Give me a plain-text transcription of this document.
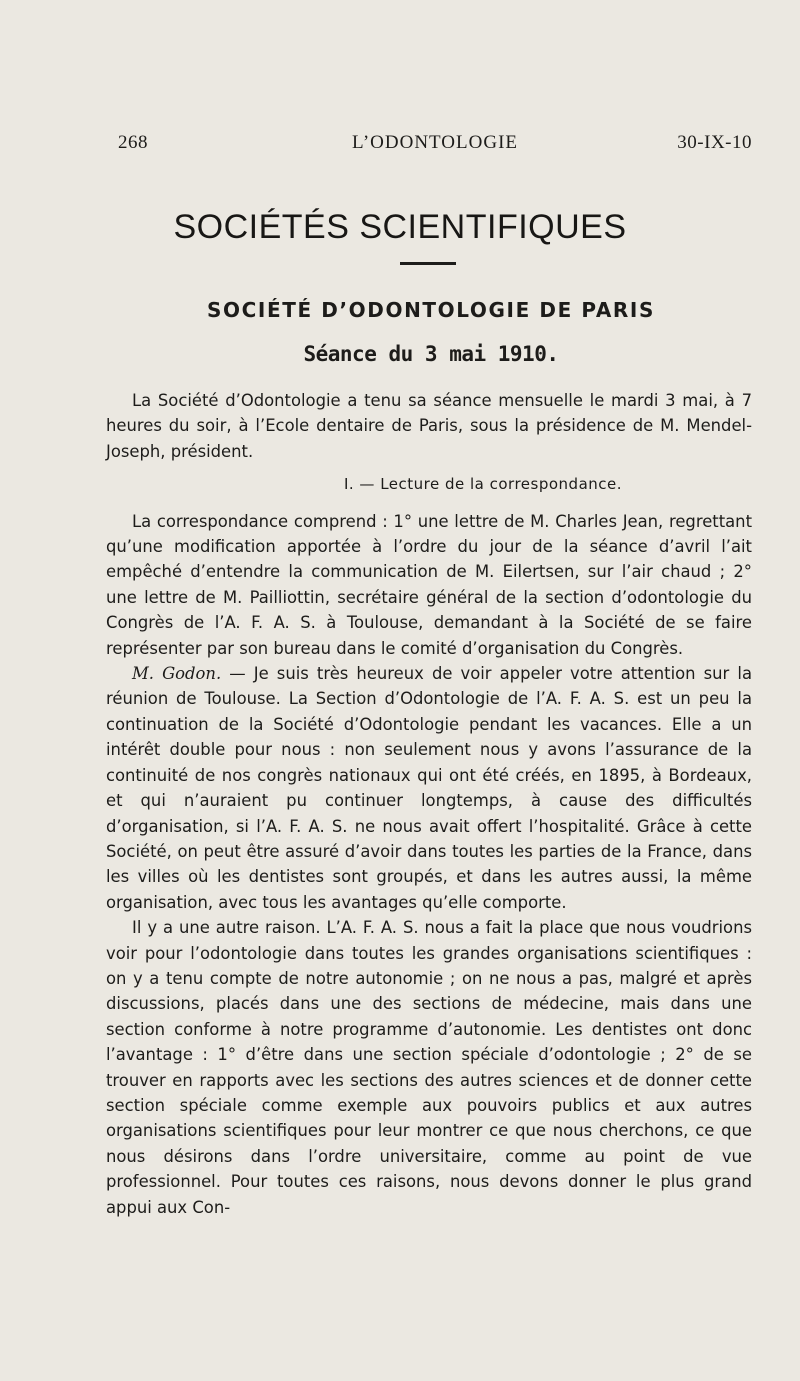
268	L’ODONTOLOGIE	30-IX-10
SOCIÉTÉS SCIENTIFIQUES
SOCIÉTÉ D’ODONTOLOGIE DE PARIS
Séance du 3 mai 1910.

La Société d’Odontologie a tenu sa séance mensuelle le mardi 3 mai, à 7 heures du soir, à l’Ecole dentaire de Paris, sous la présidence de M. Mendel-Joseph, président.

I. — Lecture de la correspondance.

La correspondance comprend : 1° une lettre de M. Charles Jean, regrettant qu’une modification apportée à l’ordre du jour de la séance d’avril l’ait empêché d’entendre la communication de M. Eilertsen, sur l’air chaud ; 2° une lettre de M. Pailliottin, secrétaire général de la section d’odontologie du Congrès de l’A. F. A. S. à Toulouse, demandant à la Société de se faire représenter par son bureau dans le comité d’organisation du Congrès.

M. Godon. — Je suis très heureux de voir appeler votre attention sur la réunion de Toulouse. La Section d’Odontologie de l’A. F. A. S. est un peu la continuation de la Société d’Odontologie pendant les vacances. Elle a un intérêt double pour nous : non seulement nous y avons l’assurance de la continuité de nos congrès nationaux qui ont été créés, en 1895, à Bordeaux, et qui n’auraient pu continuer longtemps, à cause des difficultés d’organisation, si l’A. F. A. S. ne nous avait offert l’hospitalité. Grâce à cette Société, on peut être assuré d’avoir dans toutes les parties de la France, dans les villes où les dentistes sont groupés, et dans les autres aussi, la même organisation, avec tous les avantages qu’elle comporte.

Il y a une autre raison. L’A. F. A. S. nous a fait la place que nous voudrions voir pour l’odontologie dans toutes les grandes organisations scientifiques : on y a tenu compte de notre autonomie ; on ne nous a pas, malgré et après discussions, placés dans une des sections de médecine, mais dans une section conforme à notre programme d’autonomie. Les dentistes ont donc l’avantage : 1° d’être dans une section spéciale d’odontologie ; 2° de se trouver en rapports avec les sections des autres sciences et de donner cette section spéciale comme exemple aux pouvoirs publics et aux autres organisations scientifiques pour leur montrer ce que nous cherchons, ce que nous désirons dans l’ordre universitaire, comme au point de vue professionnel. Pour toutes ces raisons, nous devons donner le plus grand appui aux Con-
